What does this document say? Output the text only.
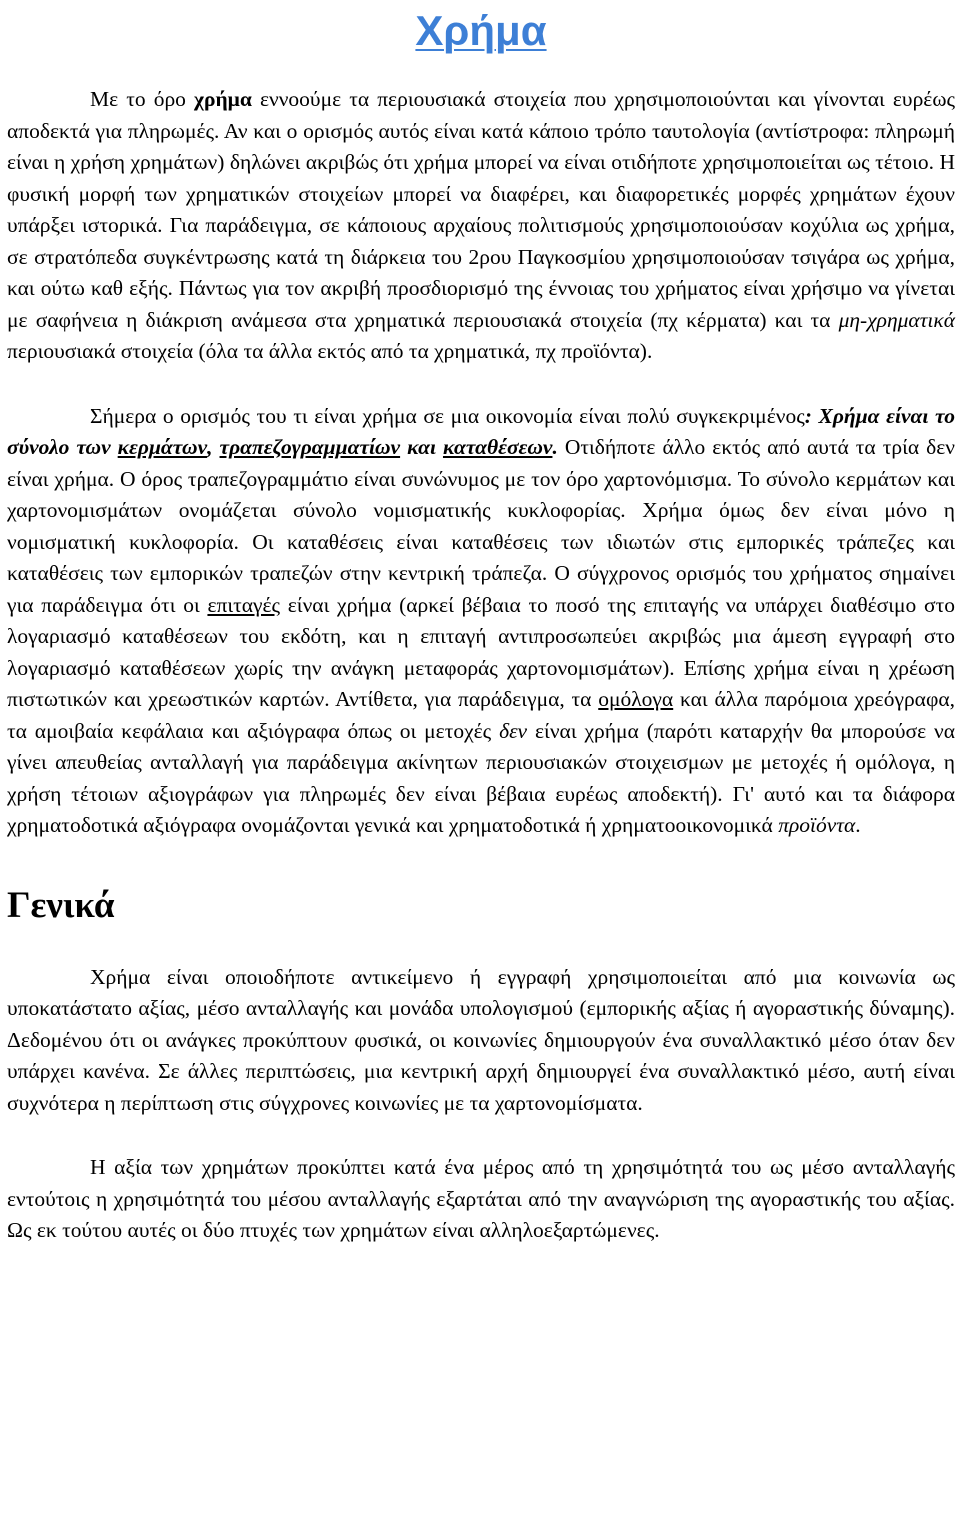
Χρήμα

Με το όρο χρήμα εννοούμε τα περιουσιακά στοιχεία που χρησιμοποιούνται και γίνονται ευρέως αποδεκτά για πληρωμές. Αν και ο ορισμός αυτός είναι κατά κάποιο τρόπο ταυτολογία (αντίστροφα: πληρωμή είναι η χρήση χρημάτων) δηλώνει ακριβώς ότι χρήμα μπορεί να είναι οτιδήποτε χρησιμοποιείται ως τέτοιο. Η φυσική μορφή των χρηματικών στοιχείων μπορεί να διαφέρει, και διαφορετικές μορφές χρημάτων έχουν υπάρξει ιστορικά. Για παράδειγμα, σε κάποιους αρχαίους πολιτισμούς χρησιμοποιούσαν κοχύλια ως χρήμα, σε στρατόπεδα συγκέντρωσης κατά τη διάρκεια του 2ρου Παγκοσμίου χρησιμοποιούσαν τσιγάρα ως χρήμα, και ούτω καθ εξής. Πάντως για τον ακριβή προσδιορισμό της έννοιας του χρήματος είναι χρήσιμο να γίνεται με σαφήνεια η διάκριση ανάμεσα στα χρηματικά περιουσιακά στοιχεία (πχ κέρματα) και τα μη-χρηματικά περιουσιακά στοιχεία (όλα τα άλλα εκτός από τα χρηματικά, πχ προϊόντα).

Σήμερα ο ορισμός του τι είναι χρήμα σε μια οικονομία είναι πολύ συγκεκριμένος: Χρήμα είναι το σύνολο των κερμάτων, τραπεζογραμματίων και καταθέσεων. Οτιδήποτε άλλο εκτός από αυτά τα τρία δεν είναι χρήμα. Ο όρος τραπεζογραμμάτιο είναι συνώνυμος με τον όρο χαρτονόμισμα. Το σύνολο κερμάτων και χαρτονομισμάτων ονομάζεται σύνολο νομισματικής κυκλοφορίας. Χρήμα όμως δεν είναι μόνο η νομισματική κυκλοφορία. Οι καταθέσεις είναι καταθέσεις των ιδιωτών στις εμπορικές τράπεζες και καταθέσεις των εμπορικών τραπεζών στην κεντρική τράπεζα. Ο σύγχρονος ορισμός του χρήματος σημαίνει για παράδειγμα ότι οι επιταγές είναι χρήμα (αρκεί βέβαια το ποσό της επιταγής να υπάρχει διαθέσιμο στο λογαριασμό καταθέσεων του εκδότη, και η επιταγή αντιπροσωπεύει ακριβώς μια άμεση εγγραφή στο λογαριασμό καταθέσεων χωρίς την ανάγκη μεταφοράς χαρτονομισμάτων). Επίσης χρήμα είναι η χρέωση πιστωτικών και χρεωστικών καρτών. Αντίθετα, για παράδειγμα, τα ομόλογα και άλλα παρόμοια χρεόγραφα, τα αμοιβαία κεφάλαια και αξιόγραφα όπως οι μετοχές δεν είναι χρήμα (παρότι καταρχήν θα μπορούσε να γίνει απευθείας ανταλλαγή για παράδειγμα ακίνητων περιουσιακών στοιχεισμων με μετοχές ή ομόλογα, η χρήση τέτοιων αξιογράφων για πληρωμές δεν είναι βέβαια ευρέως αποδεκτή). Γι' αυτό και τα διάφορα χρηματοδοτικά αξιόγραφα ονομάζονται γενικά και χρηματοδοτικά ή χρηματοοικονομικά προϊόντα.

Γενικά

Χρήμα είναι οποιοδήποτε αντικείμενο ή εγγραφή χρησιμοποιείται από μια κοινωνία ως υποκατάστατο αξίας, μέσο ανταλλαγής και μονάδα υπολογισμού (εμπορικής αξίας ή αγοραστικής δύναμης). Δεδομένου ότι οι ανάγκες προκύπτουν φυσικά, οι κοινωνίες δημιουργούν ένα συναλλακτικό μέσο όταν δεν υπάρχει κανένα. Σε άλλες περιπτώσεις, μια κεντρική αρχή δημιουργεί ένα συναλλακτικό μέσο, αυτή είναι συχνότερα η περίπτωση στις σύγχρονες κοινωνίες με τα χαρτονομίσματα.

Η αξία των χρημάτων προκύπτει κατά ένα μέρος από τη χρησιμότητά του ως μέσο ανταλλαγής εντούτοις η χρησιμότητά του μέσου ανταλλαγής εξαρτάται από την αναγνώριση της αγοραστικής του αξίας. Ως εκ τούτου αυτές οι δύο πτυχές των χρημάτων είναι αλληλοεξαρτώμενες.
